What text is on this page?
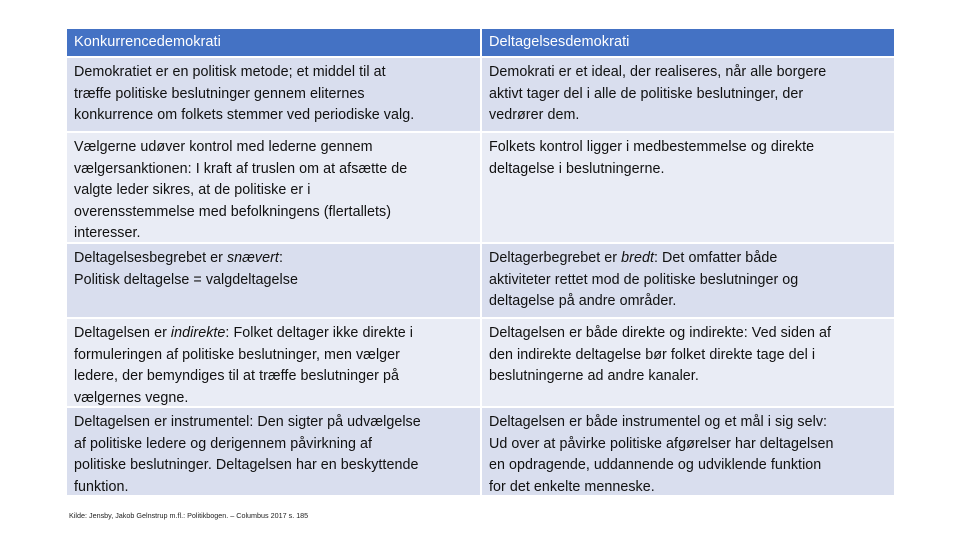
Konkurrencedemokrati	Deltagelsesdemokrati
Demokratiet er en politisk metode; et middel til at
træffe politiske beslutninger gennem eliternes
konkurrence om folkets stemmer ved periodiske valg.
Demokrati er et ideal, der realiseres, når alle borgere
aktivt tager del i alle de politiske beslutninger, der
vedrører dem.
Vælgerne udøver kontrol med lederne gennem
vælgersanktionen: I kraft af truslen om at afsætte de
valgte leder sikres, at de politiske er i
overensstemmelse med befolkningens (flertallets)
interesser.
Folkets kontrol ligger i medbestemmelse og direkte
deltagelse i beslutningerne.
Deltagelsesbegrebet er snævert:
Politisk deltagelse = valgdeltagelse
Deltagerbegrebet er bredt: Det omfatter både
aktiviteter rettet mod de politiske beslutninger og
deltagelse på andre områder.
Deltagelsen er indirekte: Folket deltager ikke direkte i
formuleringen af politiske beslutninger, men vælger
ledere, der bemyndiges til at træffe beslutninger på
vælgernes vegne.
Deltagelsen er både direkte og indirekte: Ved siden af
den indirekte deltagelse bør folket direkte tage del i
beslutningerne ad andre kanaler.
Deltagelsen er instrumentel: Den sigter på udvælgelse
af politiske ledere og derigennem påvirkning af
politiske beslutninger. Deltagelsen har en beskyttende
funktion.
Deltagelsen er både instrumentel og et mål i sig selv:
Ud over at påvirke politiske afgørelser har deltagelsen
en opdragende, uddannende og udviklende funktion
for det enkelte menneske.
Kilde: Jensby, Jakob Gelnstrup m.fl.: Politikbogen. – Columbus 2017 s. 185
